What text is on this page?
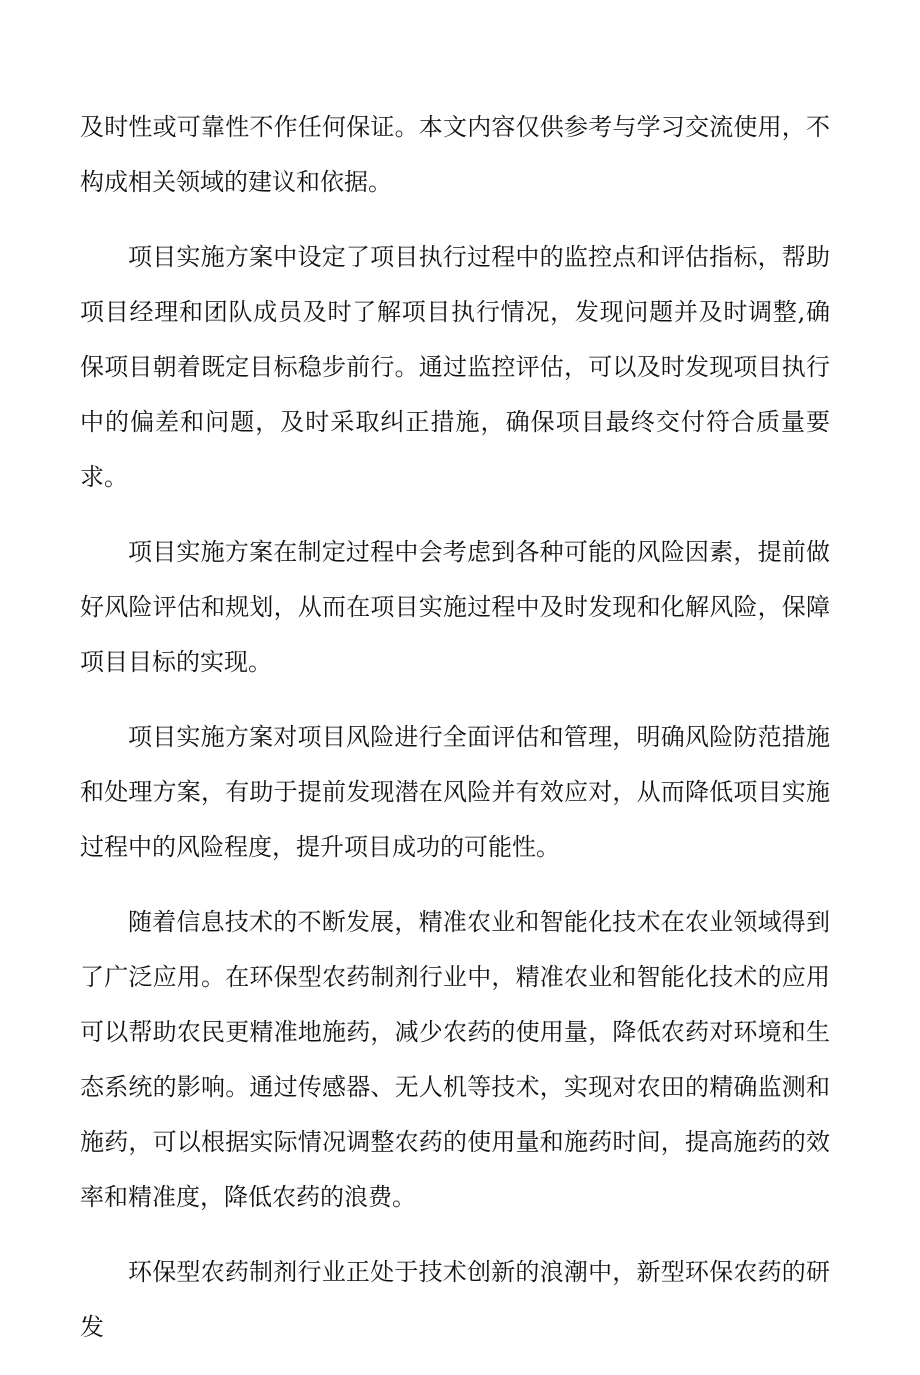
及时性或可靠性不作任何保证。本文内容仅供参考与学习交流使用，不构成相关领域的建议和依据。

项目实施方案中设定了项目执行过程中的监控点和评估指标，帮助项目经理和团队成员及时了解项目执行情况，发现问题并及时调整,确保项目朝着既定目标稳步前行。通过监控评估，可以及时发现项目执行中的偏差和问题，及时采取纠正措施，确保项目最终交付符合质量要求。

项目实施方案在制定过程中会考虑到各种可能的风险因素，提前做好风险评估和规划，从而在项目实施过程中及时发现和化解风险，保障项目目标的实现。

项目实施方案对项目风险进行全面评估和管理，明确风险防范措施和处理方案，有助于提前发现潜在风险并有效应对，从而降低项目实施过程中的风险程度，提升项目成功的可能性。

随着信息技术的不断发展，精准农业和智能化技术在农业领域得到了广泛应用。在环保型农药制剂行业中，精准农业和智能化技术的应用可以帮助农民更精准地施药，减少农药的使用量，降低农药对环境和生态系统的影响。通过传感器、无人机等技术，实现对农田的精确监测和施药，可以根据实际情况调整农药的使用量和施药时间，提高施药的效率和精准度，降低农药的浪费。

环保型农药制剂行业正处于技术创新的浪潮中，新型环保农药的研发
